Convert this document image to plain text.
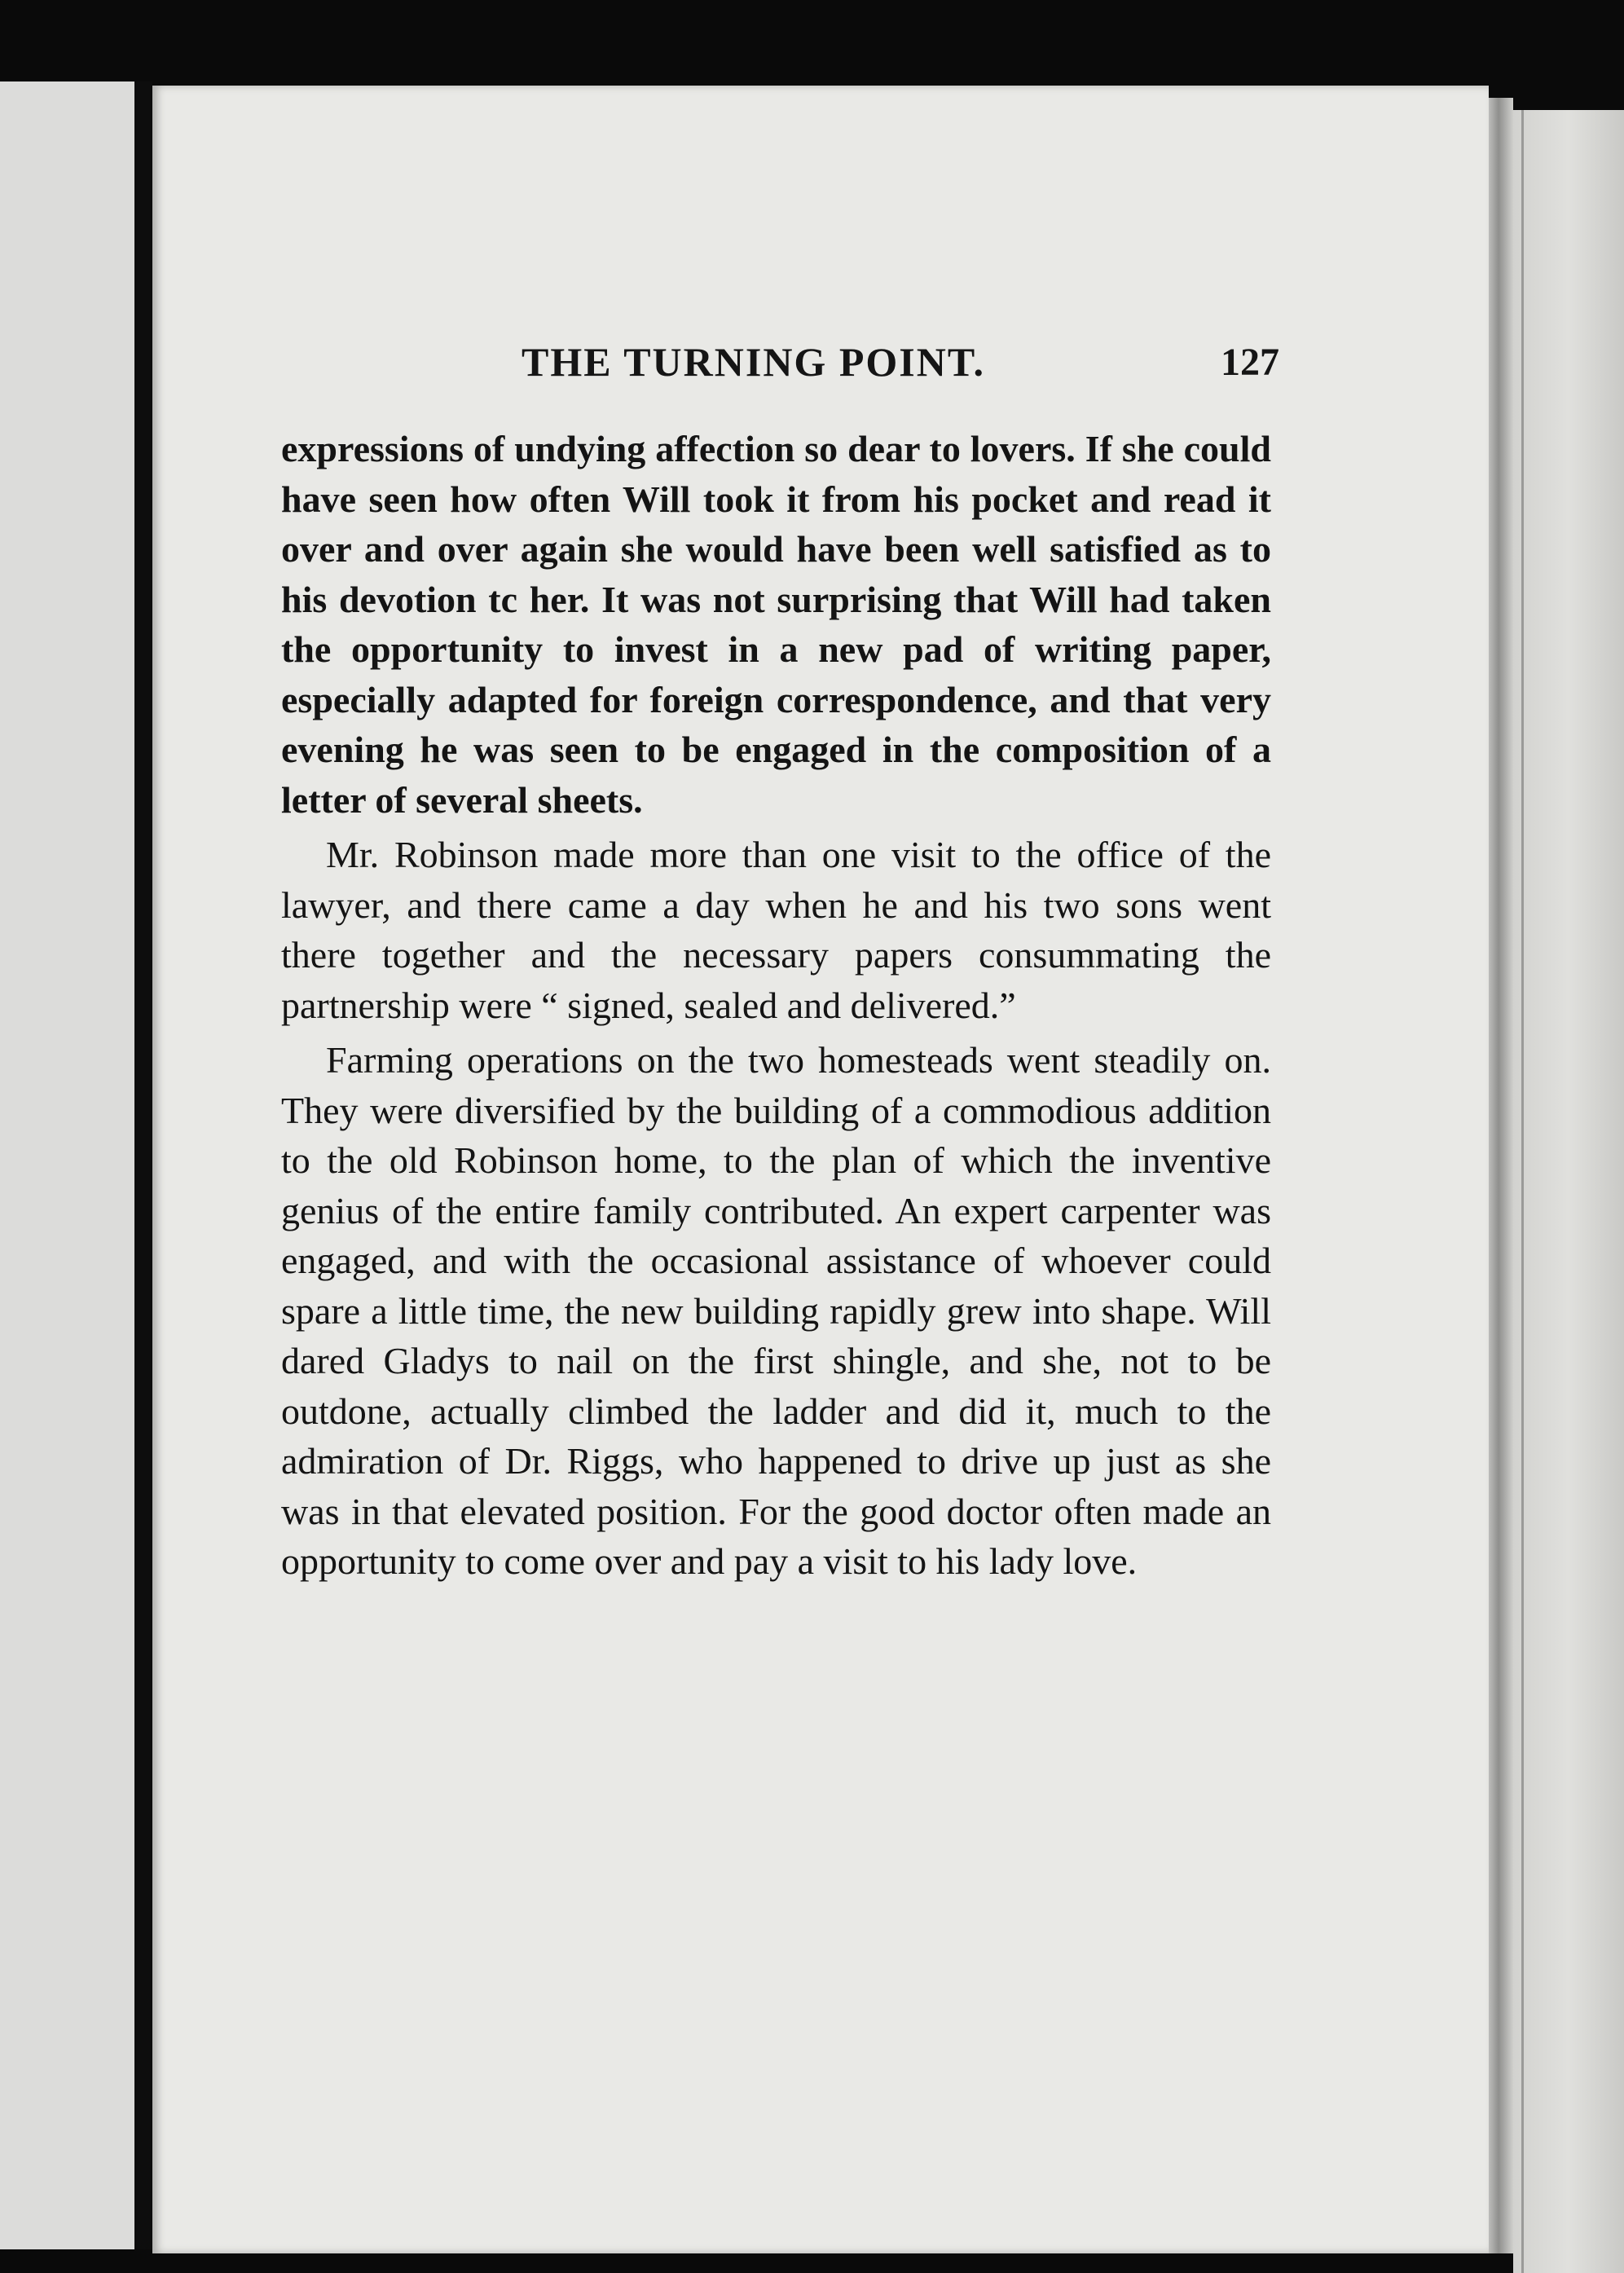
THE TURNING POINT.	127

expressions of undying affection so dear to lovers. If she could have seen how often Will took it from his pocket and read it over and over again she would have been well satisfied as to his devotion tc her. It was not surprising that Will had taken the opportunity to invest in a new pad of writing paper, especially adapted for foreign correspondence, and that very evening he was seen to be engaged in the composition of a letter of several sheets.

Mr. Robinson made more than one visit to the office of the lawyer, and there came a day when he and his two sons went there together and the necessary papers consummating the partnership were “ signed, sealed and delivered.”

Farming operations on the two homesteads went steadily on. They were diversified by the building of a commodious addition to the old Robinson home, to the plan of which the inventive genius of the entire family contributed. An expert carpenter was engaged, and with the occasional assistance of whoever could spare a little time, the new building rapidly grew into shape. Will dared Gladys to nail on the first shingle, and she, not to be outdone, actually climbed the ladder and did it, much to the admiration of Dr. Riggs, who happened to drive up just as she was in that elevated position. For the good doctor often made an opportunity to come over and pay a visit to his lady love.
